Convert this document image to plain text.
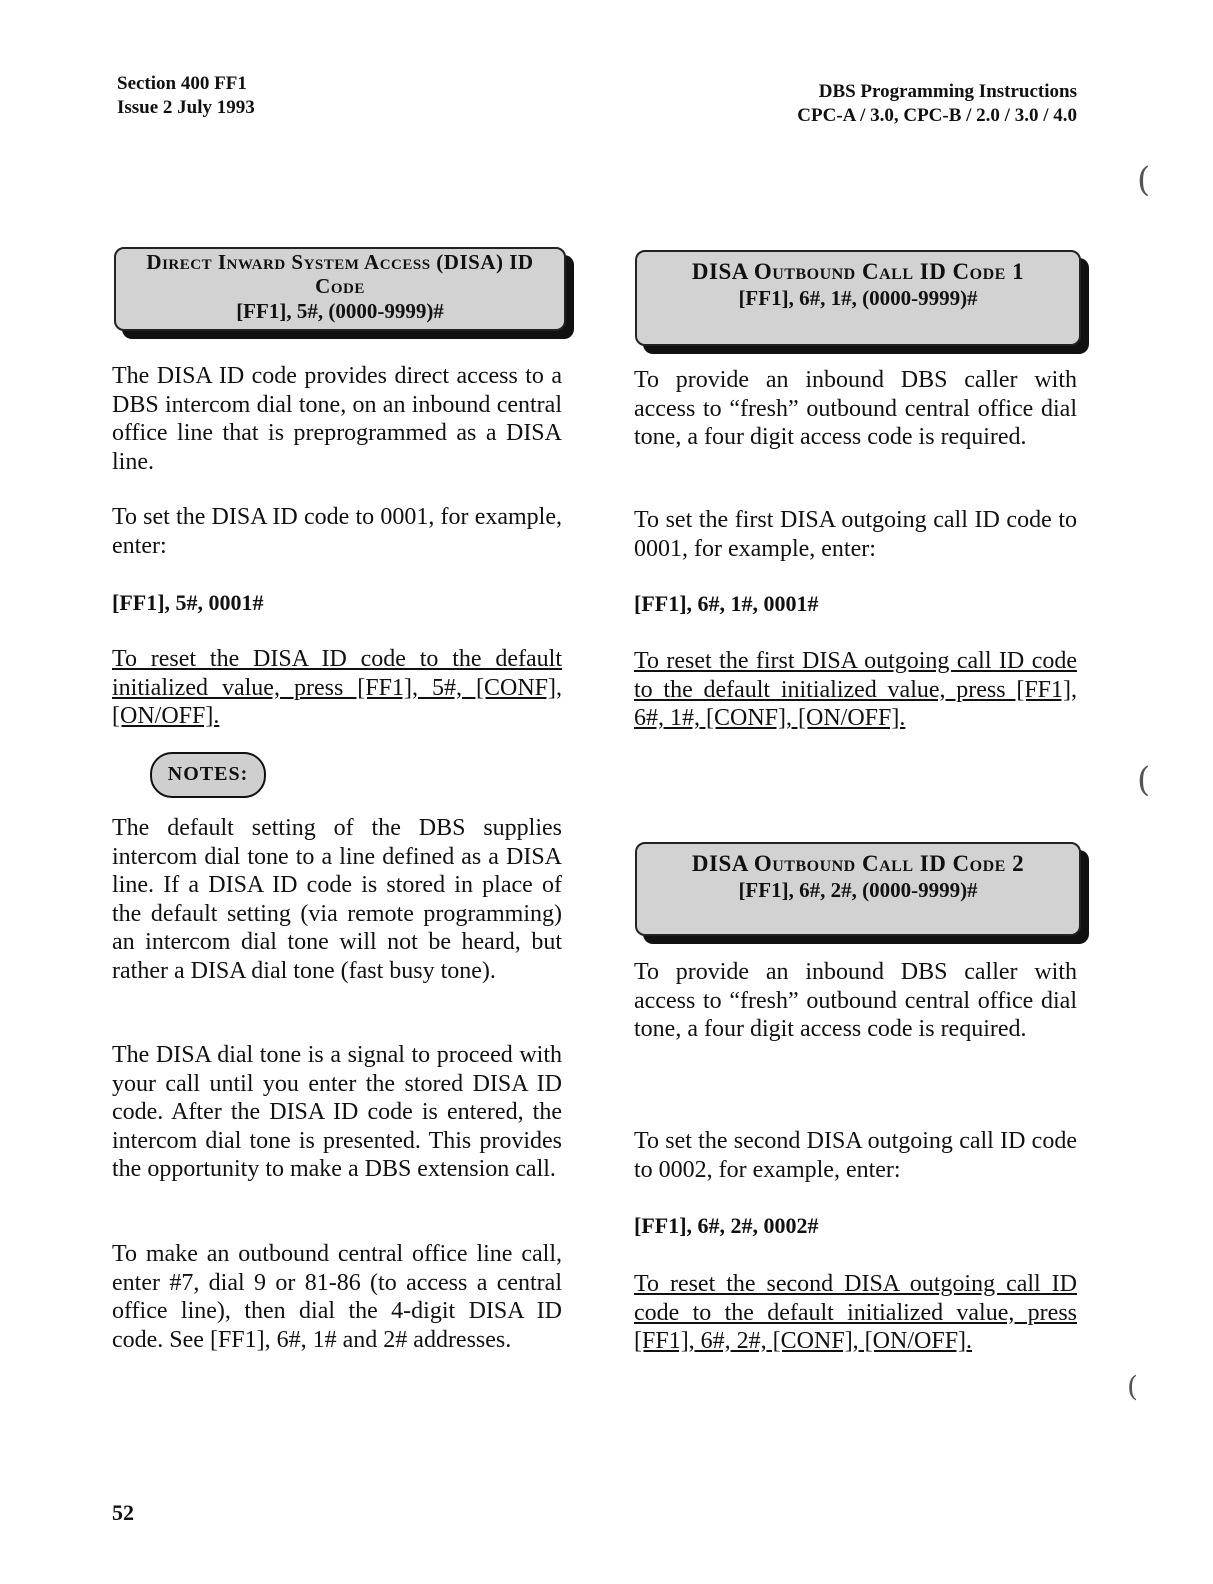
Section 400 FF1
Issue 2 July 1993
DBS Programming Instructions
CPC-A / 3.0, CPC-B / 2.0 / 3.0 / 4.0
(
(
(
Direct Inward System Access (DISA) ID
Code
[FF1], 5#, (0000-9999)#
The DISA ID code provides direct access to a DBS intercom dial tone, on an inbound central office line that is preprogrammed as a DISA line.
To set the DISA ID code to 0001, for example, enter:
[FF1], 5#, 0001#
To reset the DISA ID code to the default initialized value, press [FF1], 5#, [CONF], [ON/OFF].
NOTES:
The default setting of the DBS supplies intercom dial tone to a line defined as a DISA line. If a DISA ID code is stored in place of the default setting (via remote programming) an intercom dial tone will not be heard, but rather a DISA dial tone (fast busy tone).
The DISA dial tone is a signal to proceed with your call until you enter the stored DISA ID code. After the DISA ID code is entered, the intercom dial tone is presented. This provides the opportunity to make a DBS extension call.
To make an outbound central office line call, enter #7, dial 9 or 81-86 (to access a central office line), then dial the 4-digit DISA ID code. See [FF1], 6#, 1# and 2# addresses.
52
DISA Outbound Call ID Code 1
[FF1], 6#, 1#, (0000-9999)#
To provide an inbound DBS caller with access to “fresh” outbound central office dial tone, a four digit access code is required.
To set the first DISA outgoing call ID code to 0001, for example, enter:
[FF1], 6#, 1#, 0001#
To reset the first DISA outgoing call ID code to the default initialized value, press [FF1], 6#, 1#, [CONF], [ON/OFF].
DISA Outbound Call ID Code 2
[FF1], 6#, 2#, (0000-9999)#
To provide an inbound DBS caller with access to “fresh” outbound central office dial tone, a four digit access code is required.
To set the second DISA outgoing call ID code to 0002, for example, enter:
[FF1], 6#, 2#, 0002#
To reset the second DISA outgoing call ID code to the default initialized value, press [FF1], 6#, 2#, [CONF], [ON/OFF].
